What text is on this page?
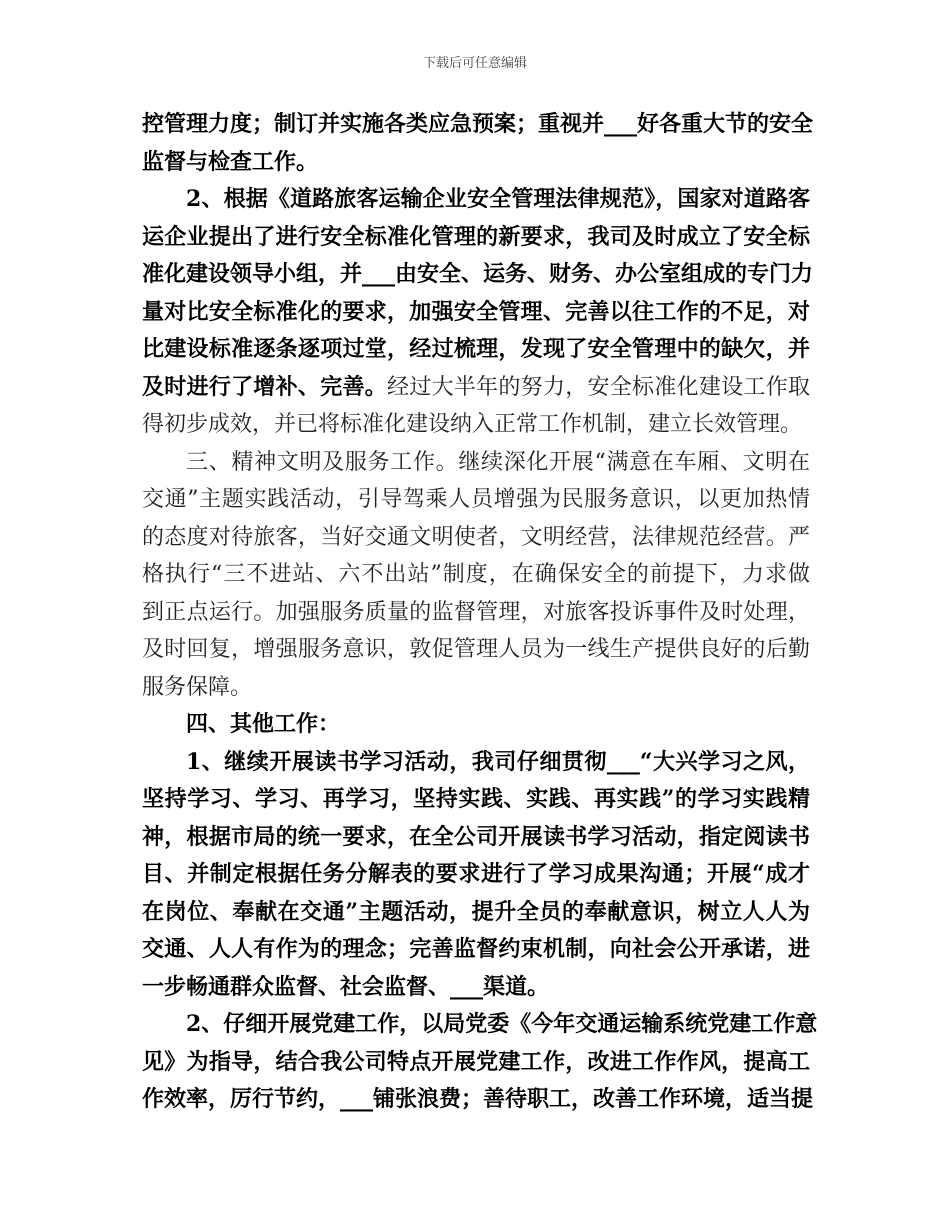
下载后可任意编辑
控管理力度；制订并实施各类应急预案；重视并___好各重大节的安全
监督与检查工作。
2、根据《道路旅客运输企业安全管理法律规范》，国家对道路客
运企业提出了进行安全标准化管理的新要求，我司及时成立了安全标
准化建设领导小组，并___由安全、运务、财务、办公室组成的专门力
量对比安全标准化的要求，加强安全管理、完善以往工作的不足，对
比建设标准逐条逐项过堂，经过梳理，发现了安全管理中的缺欠，并
及时进行了增补、完善。经过大半年的努力，安全标准化建设工作取
得初步成效，并已将标准化建设纳入正常工作机制，建立长效管理。
三、精神文明及服务工作。继续深化开展“满意在车厢、文明在
交通”主题实践活动，引导驾乘人员增强为民服务意识，以更加热情
的态度对待旅客，当好交通文明使者，文明经营，法律规范经营。严
格执行“三不进站、六不出站”制度，在确保安全的前提下，力求做
到正点运行。加强服务质量的监督管理，对旅客投诉事件及时处理，
及时回复，增强服务意识，敦促管理人员为一线生产提供良好的后勤
服务保障。
四、其他工作：
1、继续开展读书学习活动，我司仔细贯彻___“大兴学习之风，
坚持学习、学习、再学习，坚持实践、实践、再实践”的学习实践精
神，根据市局的统一要求，在全公司开展读书学习活动，指定阅读书
目、并制定根据任务分解表的要求进行了学习成果沟通；开展“成才
在岗位、奉献在交通”主题活动，提升全员的奉献意识，树立人人为
交通、人人有作为的理念；完善监督约束机制，向社会公开承诺，进
一步畅通群众监督、社会监督、___渠道。
2、仔细开展党建工作，以局党委《今年交通运输系统党建工作意
见》为指导，结合我公司特点开展党建工作，改进工作作风，提高工
作效率，厉行节约，___铺张浪费；善待职工，改善工作环境，适当提
